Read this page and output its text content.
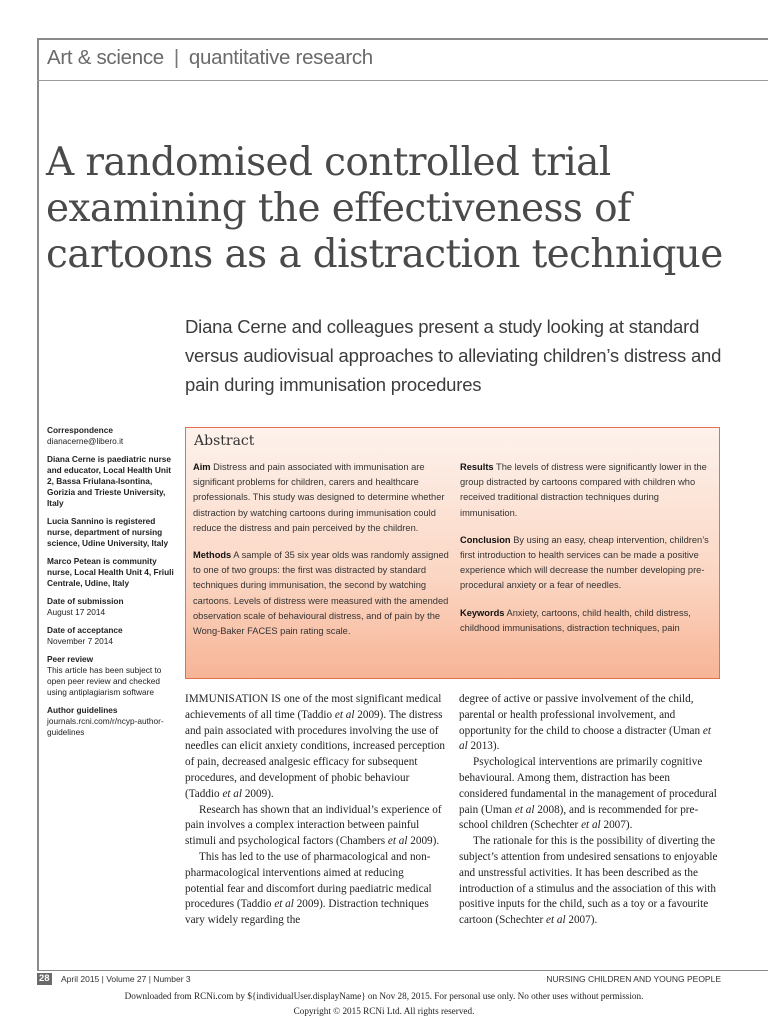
Art & science | quantitative research
A randomised controlled trial examining the effectiveness of cartoons as a distraction technique

Diana Cerne and colleagues present a study looking at standard versus audiovisual approaches to alleviating children’s distress and pain during immunisation procedures

Correspondence
dianacerne@libero.it
Diana Cerne is paediatric nurse and educator, Local Health Unit 2, Bassa Friulana-Isontina, Gorizia and Trieste University, Italy
Lucia Sannino is registered nurse, department of nursing science, Udine University, Italy
Marco Petean is community nurse, Local Health Unit 4, Friuli Centrale, Udine, Italy
Date of submission
August 17 2014
Date of acceptance
November 7 2014
Peer review
This article has been subject to open peer review and checked using antiplagiarism software
Author guidelines
journals.rcni.com/r/ncyp-author-guidelines
Abstract

Aim Distress and pain associated with immunisation are significant problems for children, carers and healthcare professionals. This study was designed to determine whether distraction by watching cartoons during immunisation could reduce the distress and pain perceived by the children.

Methods A sample of 35 six year olds was randomly assigned to one of two groups: the first was distracted by standard techniques during immunisation, the second by watching cartoons. Levels of distress were measured with the amended observation scale of behavioural distress, and of pain by the Wong-Baker FACES pain rating scale.

Results The levels of distress were significantly lower in the group distracted by cartoons compared with children who received traditional distraction techniques during immunisation.

Conclusion By using an easy, cheap intervention, children’s first introduction to health services can be made a positive experience which will decrease the number developing pre-procedural anxiety or a fear of needles.

Keywords Anxiety, cartoons, child health, child distress, childhood immunisations, distraction techniques, pain

IMMUNISATION IS one of the most significant medical achievements of all time (Taddio et al 2009). The distress and pain associated with procedures involving the use of needles can elicit anxiety conditions, increased perception of pain, decreased analgesic efficacy for subsequent procedures, and development of phobic behaviour (Taddio et al 2009).

Research has shown that an individual’s experience of pain involves a complex interaction between painful stimuli and psychological factors (Chambers et al 2009).

This has led to the use of pharmacological and non-pharmacological interventions aimed at reducing potential fear and discomfort during paediatric medical procedures (Taddio et al 2009). Distraction techniques vary widely regarding the

degree of active or passive involvement of the child, parental or health professional involvement, and opportunity for the child to choose a distracter (Uman et al 2013).

Psychological interventions are primarily cognitive behavioural. Among them, distraction has been considered fundamental in the management of procedural pain (Uman et al 2008), and is recommended for pre-school children (Schechter et al 2007).

The rationale for this is the possibility of diverting the subject’s attention from undesired sensations to enjoyable and unstressful activities. It has been described as the introduction of a stimulus and the association of this with positive inputs for the child, such as a toy or a favourite cartoon (Schechter et al 2007).

28 April 2015 | Volume 27 | Number 3	NURSING CHILDREN AND YOUNG PEOPLE
Downloaded from RCNi.com by ${individualUser.displayName} on Nov 28, 2015. For personal use only. No other uses without permission.
Copyright © 2015 RCNi Ltd. All rights reserved.
